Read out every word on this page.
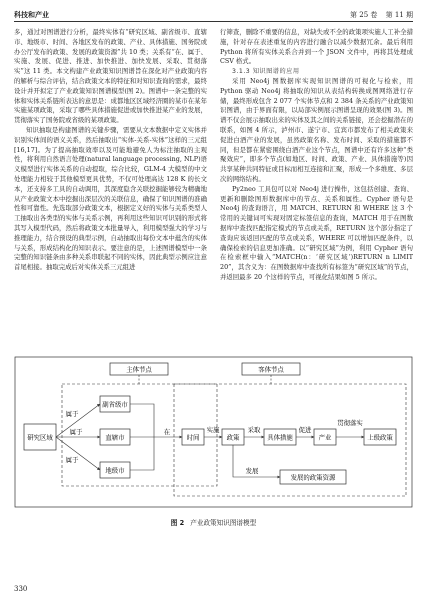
科技和产业	第 25 卷 第 11 期

多，通过对图谱进行分析，最终实体有“研究区域、副省级市、直辖市、地级市、时间、各地区发布的政策、产业、具体措施、国务院或办公厅发布的政策、发展的政策资源”共 10 类；关系有“在、属于、实施、发展、促进、推进、加快推进、加快发展、采取、贯彻落实”这 11 类。本文构建产业政策知识图谱旨在深化对产业政策内容的解析与综合评估，结合政策文本的特征和对知识查询的需求，最终设计并开拟定了产业政策知识图谱模型(图 2)。图谱中一条完整的实体和实体关系链所表达的意思是：成都地区区域经济圈的某市在某年实施某项政策，采取了哪些具体措施促进或加快推进某产业的发展，贯彻落实了国务院或省级的某项政策。

知识抽取是构建图谱的关键步骤，需要从文本数据中定义实体并识别实体间的语义关系，然后抽取出“实体-关系-实体”这样的三元组[16,17]。为了提高抽取效率以及可能地避免人为标注抽取的主观性，将利用自然语言处理(natural language processing, NLP)语义模型进行实体关系的自动提取，综合比较，GLM-4 大模型的中文处理能力相较于其他模型更具优势，不仅可处理高达 128 K 的长文本，还支持多工具的自动调用，其深度隐含关联挖掘能够较为精确地从产业政策文本中挖掘出深层次的关联信息，确保了知识图谱的准确性和可靠性。先选取部分政策文本，根据定义好的实体与关系类型人工抽取出各类型的实体与关系示例，再利用这些知识可识别的形式将其写入模型代码，然后将政策文本批量导入，利用模型强大的学习与推理能力，结合预设的典型示例，自动抽取出每份文本中蕴含的实体与关系，形成结构化的知识表示。要注意的是，上述图谱模型中一条完整的知识链条由多种关系串联起不同的实体，因此典型示例应注意首尾相接。抽取完成后对实体关系三元组进

行筛查，删除不重要的信息，对缺失或不全的政策项实施人工补全措施，针对存在表述重复的内容进行融合以减少数据冗余。最后利用 Python 将所有实体关系合并到一个 JSON 文件中，再将其处理成 CSV 格式。

3.1.3 知识图谱的应用

采用 Neo4j 图数据库实现知识图谱的可视化与检索，用 Python 驱动 Neo4j 将抽取的知识从表结构转换成图网络进行存储，最终形成包含 2 077 个实体节点和 2 384 条关系的产业政策知识图谱，由于界面有限，以局部实例展示图谱呈现的效果(图 3)。图谱不仅会展示抽取出来的实体及其之间的关系链接，还会挖掘潜在的联系，如图 4 所示，泸州市、遂宁市、宜宾市都发布了相关政策来促进白酒产业的发展，虽然政策名称、发布时间、采取的措施都不同，但是都在紧密围绕白酒产业这个节点，图谱中还有许多这种“类聚效应”，即多个节点(如地区、时间、政策、产业、具体措施等)因共享某种共同特征或目标而相互连接和汇聚，形成一个多维度、多层次的网络结构。

Py2neo 工具包可以对 Neo4j 进行操作，这包括创建、查询、更新和删除图形数据库中的节点、关系和属性。Cypher 语句是 Neo4j 的查询语言，用 MATCH、RETURN 和 WHERE 这 3 个常用的关键词可实现对固定标签信息的查询，MATCH 用于在图数据库中查找匹配指定模式的节点或关系，RETURN 这个部分指定了查询应该返回匹配的节点或关系，WHERE 可以增加匹配条件，以确保检索的信息更加准确。以“研究区域”为例，利用 Cypher 语句在检索框中输入“MATCH(n：‘研究区域’)RETURN n LIMIT 20”，其含义为：在图数据库中查找所有标签为“研究区域”的节点，并返回最多 20 个这样的节点，可视化结果如图 5 所示。

主体节点	客体节点
研究区域
副省级市
直辖市
地级市
时间	政策	具体措施	产业	上级政策
发展的政策资源
属于
属于
属于
在	实施	采取	促进
贯彻落实
发展
图 2 产业政策知识图谱模型
330
